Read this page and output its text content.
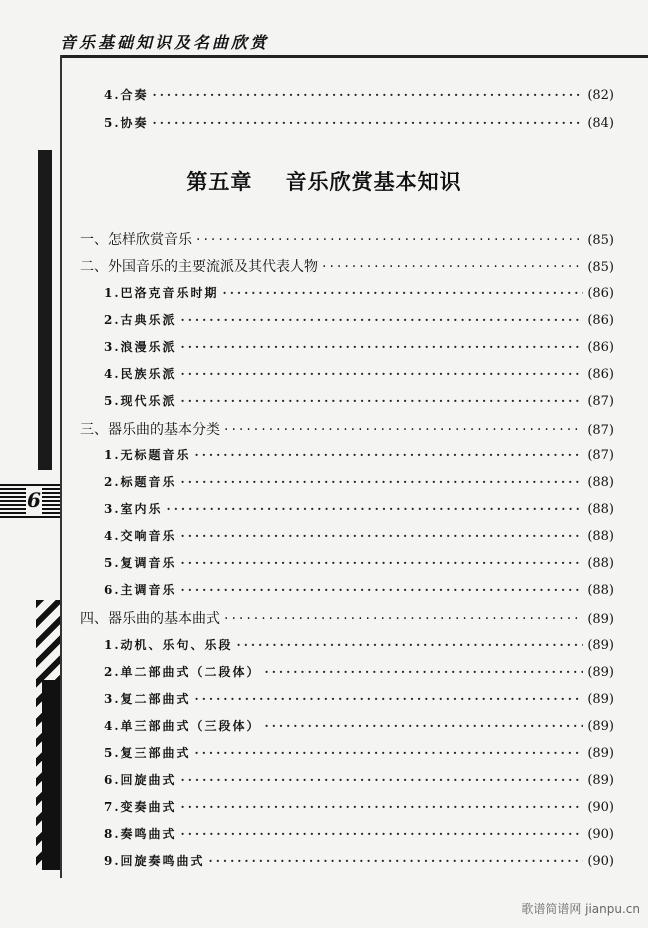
音乐基础知识及名曲欣赏
6
第五章    音乐欣赏基本知识
4.合奏 ·····	(82)
5.协奏 ·····	(84)
一、怎样欣赏音乐 ·····	(85)
二、外国音乐的主要流派及其代表人物 ·····	(85)
1.巴洛克音乐时期 ·····	(86)
2.古典乐派 ·····	(86)
3.浪漫乐派 ·····	(86)
4.民族乐派 ·····	(86)
5.现代乐派 ·····	(87)
三、器乐曲的基本分类 ·····	(87)
1.无标题音乐 ·····	(87)
2.标题音乐 ·····	(88)
3.室内乐 ·····	(88)
4.交响音乐 ·····	(88)
5.复调音乐 ·····	(88)
6.主调音乐 ·····	(88)
四、器乐曲的基本曲式 ·····	(89)
1.动机、乐句、乐段 ·····	(89)
2.单二部曲式（二段体） ·····	(89)
3.复二部曲式 ·····	(89)
4.单三部曲式（三段体） ·····	(89)
5.复三部曲式 ·····	(89)
6.回旋曲式 ·····	(89)
7.变奏曲式 ·····	(90)
8.奏鸣曲式 ·····	(90)
9.回旋奏鸣曲式 ·····	(90)
歌谱简谱网 jianpu.cn
